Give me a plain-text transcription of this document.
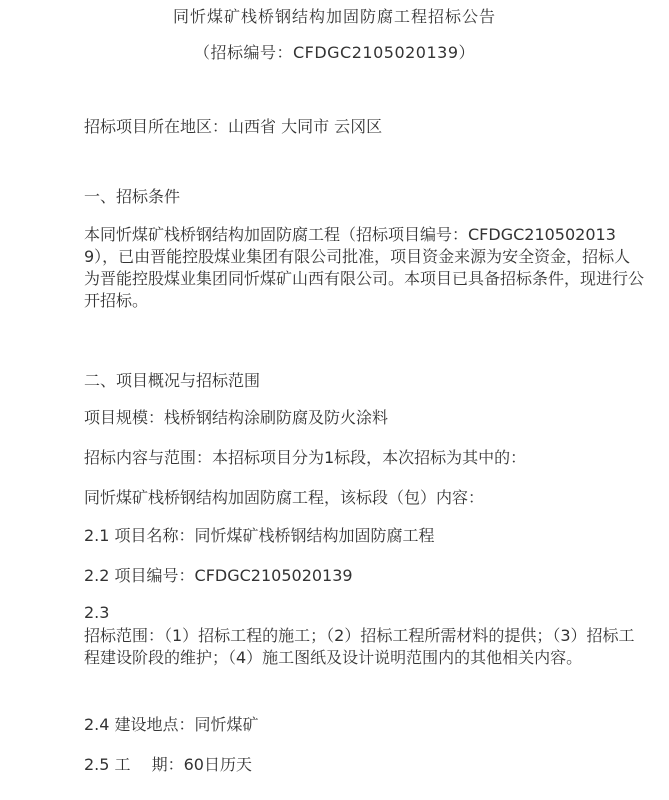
同忻煤矿栈桥钢结构加固防腐工程招标公告
（招标编号：CFDGC2105020139）
招标项目所在地区：山西省 大同市 云冈区
一、招标条件
本同忻煤矿栈桥钢结构加固防腐工程（招标项目编号：CFDGC2105020139），已由晋能控股煤业集团有限公司批准，项目资金来源为安全资金，招标人为晋能控股煤业集团同忻煤矿山西有限公司。本项目已具备招标条件，现进行公开招标。
二、项目概况与招标范围
项目规模：栈桥钢结构涂刷防腐及防火涂料
招标内容与范围：本招标项目分为1标段，本次招标为其中的：
同忻煤矿栈桥钢结构加固防腐工程，该标段（包）内容：
2.1 项目名称：同忻煤矿栈桥钢结构加固防腐工程
2.2 项目编号：CFDGC2105020139
2.3
招标范围：（1）招标工程的施工；（2）招标工程所需材料的提供；（3）招标工程建设阶段的维护；（4）施工图纸及设计说明范围内的其他相关内容。
2.4 建设地点：同忻煤矿
2.5 工　 期：60日历天
